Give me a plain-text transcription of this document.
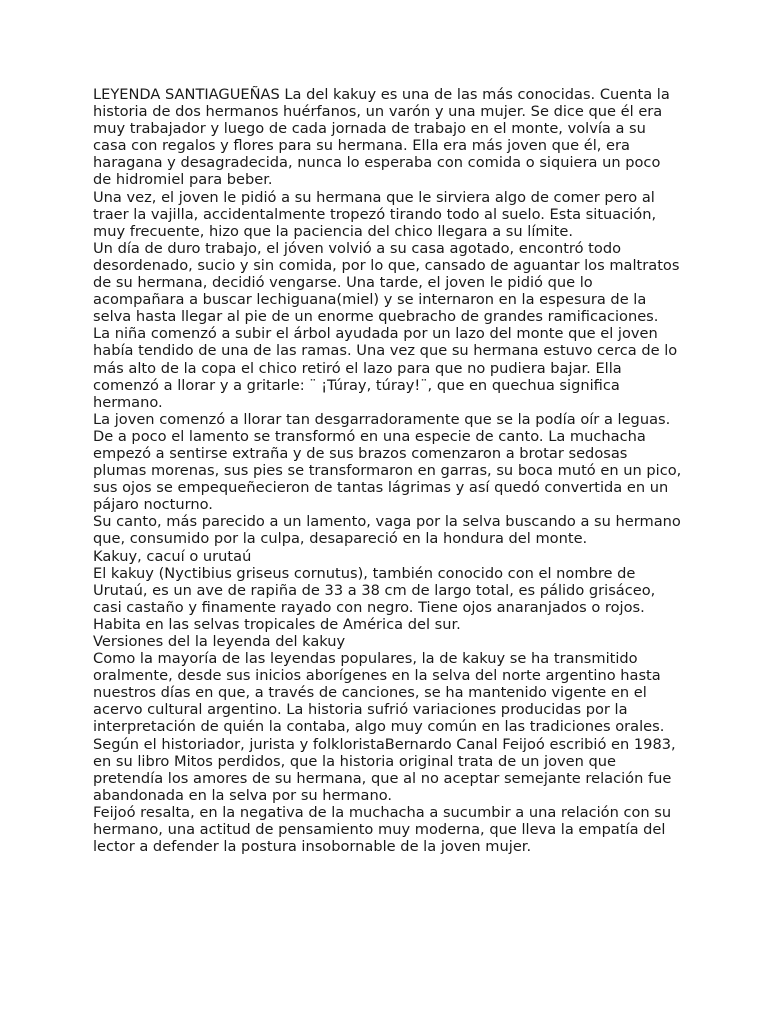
LEYENDA SANTIAGUEÑAS La del kakuy es una de las más conocidas. Cuenta la historia de dos hermanos huérfanos, un varón y una mujer. Se dice que él era muy trabajador y luego de cada jornada de trabajo en el monte, volvía a su casa con regalos y flores para su hermana. Ella era más joven que él, era haragana y desagradecida, nunca lo esperaba con comida o siquiera un poco de hidromiel para beber.

Una vez, el joven le pidió a su hermana que le sirviera algo de comer pero al traer la vajilla, accidentalmente tropezó tirando todo al suelo. Esta situación, muy frecuente, hizo que la paciencia del chico llegara a su límite.

Un día de duro trabajo, el jóven volvió a su casa agotado, encontró todo desordenado, sucio y sin comida, por lo que, cansado de aguantar los maltratos de su hermana, decidió vengarse. Una tarde, el joven le pidió que lo acompañara a buscar lechiguana(miel) y se internaron en la espesura de la selva hasta llegar al pie de un enorme quebracho de grandes ramificaciones.

La niña comenzó a subir el árbol ayudada por un lazo del monte que el joven había tendido de una de las ramas. Una vez que su hermana estuvo cerca de lo más alto de la copa el chico retiró el lazo para que no pudiera bajar. Ella comenzó a llorar y a gritarle: ¨ ¡Túray, túray!¨, que en quechua significa hermano.

La joven comenzó a llorar tan desgarradoramente que se la podía oír a leguas. De a poco el lamento se transformó en una especie de canto. La muchacha empezó a sentirse extraña y de sus brazos comenzaron a brotar sedosas plumas morenas, sus pies se transformaron en garras, su boca mutó en un pico, sus ojos se empequeñecieron de tantas lágrimas y así quedó convertida en un pájaro nocturno.

Su canto, más parecido a un lamento, vaga por la selva buscando a su hermano que, consumido por la culpa, desapareció en la hondura del monte.

Kakuy, cacuí o urutaú

El kakuy (Nyctibius griseus cornutus), también conocido con el nombre de Urutaú, es un ave de rapiña de 33 a 38 cm de largo total, es pálido grisáceo, casi castaño y finamente rayado con negro. Tiene ojos anaranjados o rojos. Habita en las selvas tropicales de América del sur.

Versiones del la leyenda del kakuy

Como la mayoría de las leyendas populares, la de kakuy se ha transmitido oralmente, desde sus inicios aborígenes en la selva del norte argentino hasta nuestros días en que, a través de canciones, se ha mantenido vigente en el acervo cultural argentino. La historia sufrió variaciones producidas por la interpretación de quién la contaba, algo muy común en las tradiciones orales.

Según el historiador, jurista y folkloristaBernardo Canal Feijoó escribió en 1983, en su libro Mitos perdidos, que la historia original trata de un joven que pretendía los amores de su hermana, que al no aceptar semejante relación fue abandonada en la selva por su hermano.

Feijoó resalta, en la negativa de la muchacha a sucumbir a una relación con su hermano, una actitud de pensamiento muy moderna, que lleva la empatía del lector a defender la postura insobornable de la joven mujer.
